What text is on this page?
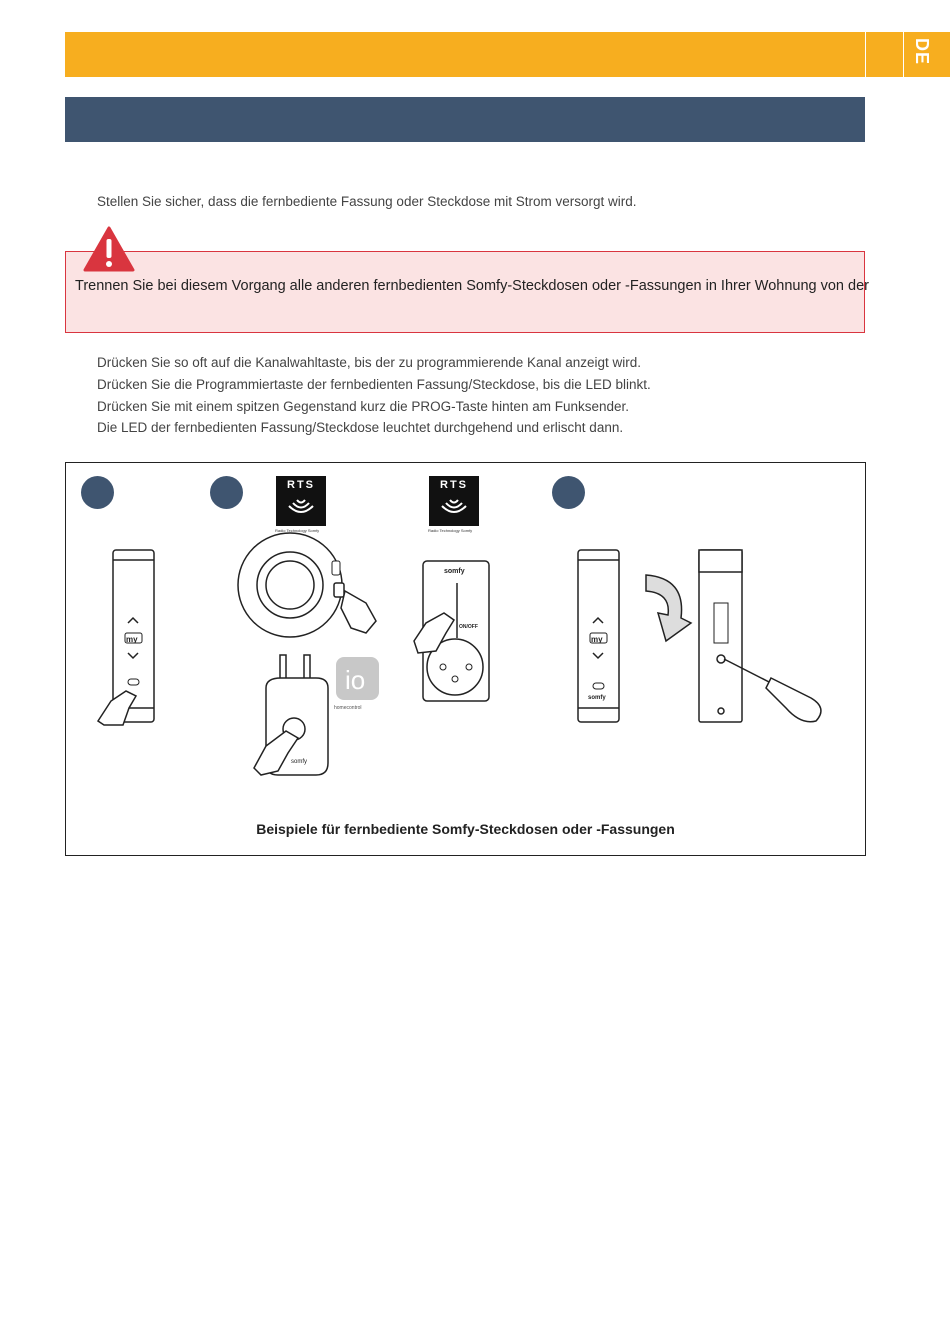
DE
Stellen Sie sicher, dass die fernbediente Fassung oder Steckdose mit Strom versorgt wird.
Trennen Sie bei diesem Vorgang alle anderen fernbedienten Somfy-Steckdosen oder -Fassungen in Ihrer Wohnung von der
Drücken Sie so oft auf die Kanalwahltaste, bis der zu programmierende Kanal anzeigt wird.
Drücken Sie die Programmiertaste der fernbedienten Fassung/Steckdose, bis die LED blinkt.
Drücken Sie mit einem spitzen Gegenstand kurz die PROG-Taste hinten am Funksender.
Die LED der fernbedienten Fassung/Steckdose leuchtet durchgehend und erlischt dann.
RTS
Radio Technology Somfy
RTS
Radio Technology Somfy
my
somfy
io
homecontrol
somfy
ON/OFF
my
somfy
Beispiele für fernbediente Somfy-Steckdosen oder -Fassungen
